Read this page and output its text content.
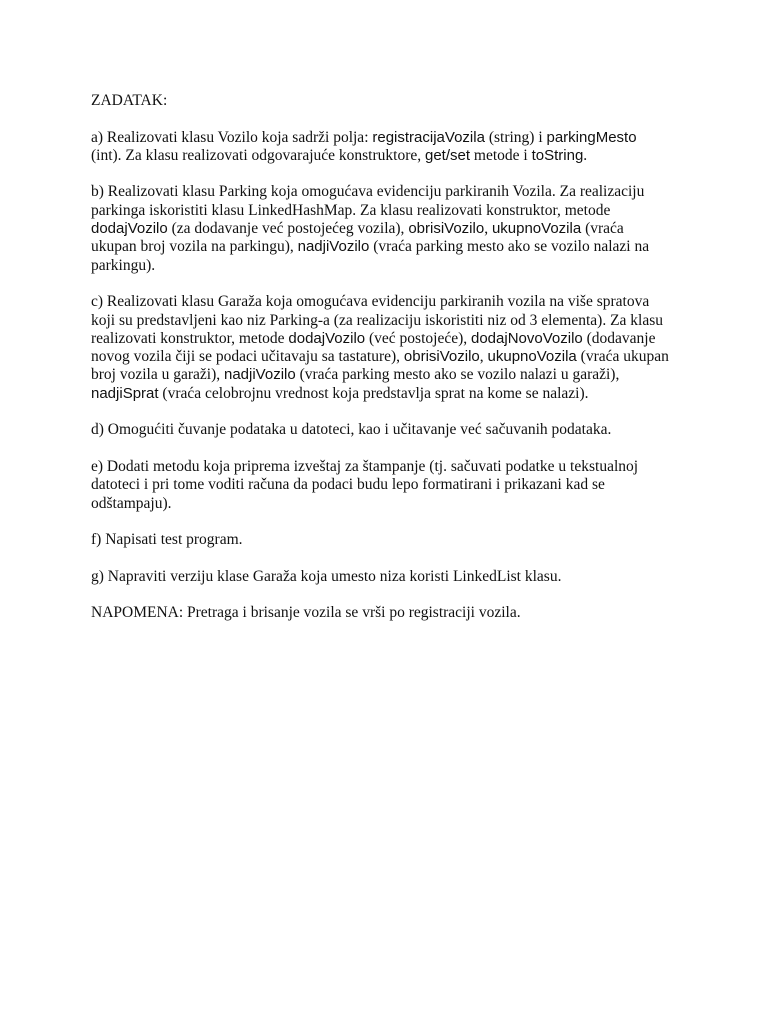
ZADATAK:

a) Realizovati klasu Vozilo koja sadrži polja: registracijaVozila (string) i parkingMesto
(int). Za klasu realizovati odgovarajuće konstruktore, get/set metode i toString.

b) Realizovati klasu Parking koja omogućava evidenciju parkiranih Vozila. Za realizaciju
parkinga iskoristiti klasu LinkedHashMap. Za klasu realizovati konstruktor, metode
dodajVozilo (za dodavanje već postojećeg vozila), obrisiVozilo, ukupnoVozila (vraća
ukupan broj vozila na parkingu), nadjiVozilo (vraća parking mesto ako se vozilo nalazi na
parkingu).

c) Realizovati klasu Garaža koja omogućava evidenciju parkiranih vozila na više spratova
koji su predstavljeni kao niz Parking-a (za realizaciju iskoristiti niz od 3 elementa). Za klasu
realizovati konstruktor, metode dodajVozilo (već postojeće), dodajNovoVozilo (dodavanje
novog vozila čiji se podaci učitavaju sa tastature), obrisiVozilo, ukupnoVozila (vraća ukupan
broj vozila u garaži), nadjiVozilo (vraća parking mesto ako se vozilo nalazi u garaži),
nadjiSprat (vraća celobrojnu vrednost koja predstavlja sprat na kome se nalazi).

d) Omogućiti čuvanje podataka u datoteci, kao i učitavanje već sačuvanih podataka.

e) Dodati metodu koja priprema izveštaj za štampanje (tj. sačuvati podatke u tekstualnoj
datoteci i pri tome voditi računa da podaci budu lepo formatirani i prikazani kad se
odštampaju).

f) Napisati test program.

g) Napraviti verziju klase Garaža koja umesto niza koristi LinkedList klasu.

NAPOMENA: Pretraga i brisanje vozila se vrši po registraciji vozila.
